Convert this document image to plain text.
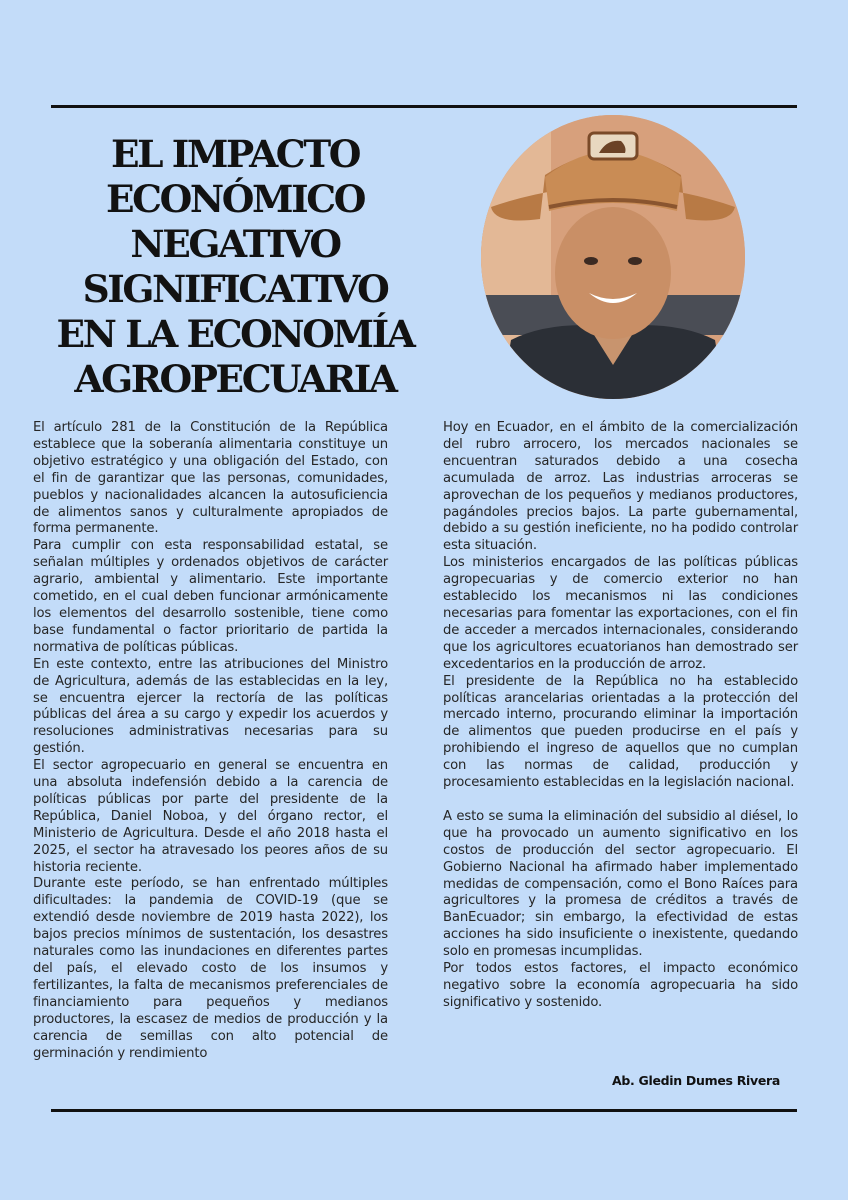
EL IMPACTO
ECONÓMICO
NEGATIVO
SIGNIFICATIVO
EN LA ECONOMÍA
AGROPECUARIA

El artículo 281 de la Constitución de la República establece que la soberanía alimentaria constituye un objetivo estratégico y una obligación del Estado, con el fin de garantizar que las personas, comunidades, pueblos y nacionalidades alcancen la autosuficiencia de alimentos sanos y culturalmente apropiados de forma permanente.

Para cumplir con esta responsabilidad estatal, se señalan múltiples y ordenados objetivos de carácter agrario, ambiental y alimentario. Este importante cometido, en el cual deben funcionar armónicamente los elementos del desarrollo sostenible, tiene como base fundamental o factor prioritario de partida la normativa de políticas públicas.

En este contexto, entre las atribuciones del Ministro de Agricultura, además de las establecidas en la ley, se encuentra ejercer la rectoría de las políticas públicas del área a su cargo y expedir los acuerdos y resoluciones administrativas necesarias para su gestión.

El sector agropecuario en general se encuentra en una absoluta indefensión debido a la carencia de políticas públicas por parte del presidente de la República, Daniel Noboa, y del órgano rector, el Ministerio de Agricultura. Desde el año 2018 hasta el 2025, el sector ha atravesado los peores años de su historia reciente.

Durante este período, se han enfrentado múltiples dificultades: la pandemia de COVID-19 (que se extendió desde noviembre de 2019 hasta 2022), los bajos precios mínimos de sustentación, los desastres naturales como las inundaciones en diferentes partes del país, el elevado costo de los insumos y fertilizantes, la falta de mecanismos preferenciales de financiamiento para pequeños y medianos productores, la escasez de medios de producción y la carencia de semillas con alto potencial de germinación y rendimiento

Hoy en Ecuador, en el ámbito de la comercialización del rubro arrocero, los mercados nacionales se encuentran saturados debido a una cosecha acumulada de arroz. Las industrias arroceras se aprovechan de los pequeños y medianos productores, pagándoles precios bajos. La parte gubernamental, debido a su gestión ineficiente, no ha podido controlar esta situación.

Los ministerios encargados de las políticas públicas agropecuarias y de comercio exterior no han establecido los mecanismos ni las condiciones necesarias para fomentar las exportaciones, con el fin de acceder a mercados internacionales, considerando que los agricultores ecuatorianos han demostrado ser excedentarios en la producción de arroz.

El presidente de la República no ha establecido políticas arancelarias orientadas a la protección del mercado interno, procurando eliminar la importación de alimentos que pueden producirse en el país y prohibiendo el ingreso de aquellos que no cumplan con las normas de calidad, producción y procesamiento establecidas en la legislación nacional.

A esto se suma la eliminación del subsidio al diésel, lo que ha provocado un aumento significativo en los costos de producción del sector agropecuario. El Gobierno Nacional ha afirmado haber implementado medidas de compensación, como el Bono Raíces para agricultores y la promesa de créditos a través de BanEcuador; sin embargo, la efectividad de estas acciones ha sido insuficiente o inexistente, quedando solo en promesas incumplidas.

Por todos estos factores, el impacto económico negativo sobre la economía agropecuaria ha sido significativo y sostenido.

Ab. Gledin Dumes Rivera
